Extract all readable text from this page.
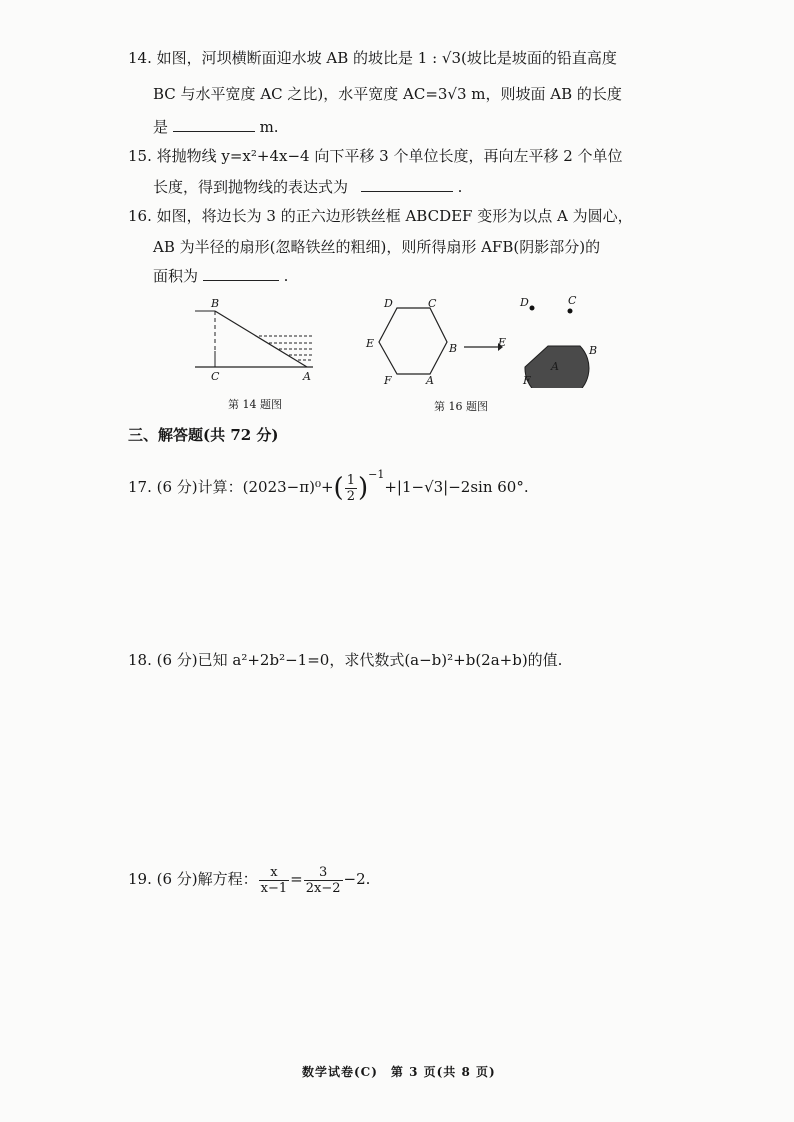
14. 如图，河坝横断面迎水坡 AB 的坡比是 1 : √3(坡比是坡面的铅直高度
BC 与水平宽度 AC 之比)，水平宽度 AC=3√3 m，则坡面 AB 的长度
是	m.
15. 将抛物线 y=x²+4x−4 向下平移 3 个单位长度，再向左平移 2 个单位
长度，得到抛物线的表达式为	.
16. 如图，将边长为 3 的正六边形铁丝框 ABCDEF 变形为以点 A 为圆心，
AB 为半径的扇形(忽略铁丝的粗细)，则所得扇形 AFB(阴影部分)的
面积为	.
B
C	A
第 14 题图
D	C
E	B
F	A
D	C
E
A
B
F
第 16 题图
三、解答题(共 72 分)
17. (6 分)计算：$(2023-\pi)^0+( \frac{1}{2} )^{-1}+|1-√3|-2\sin$ 60°.
18. (6 分)已知 a²+2b²−1=0，求代数式(a−b)²+b(2a+b)的值.
19. (6 分)解方程： $\frac{x}{x-1} = \frac{3}{2x-2} -2$.
数学试卷(C)　第 3 页(共 8 页)
